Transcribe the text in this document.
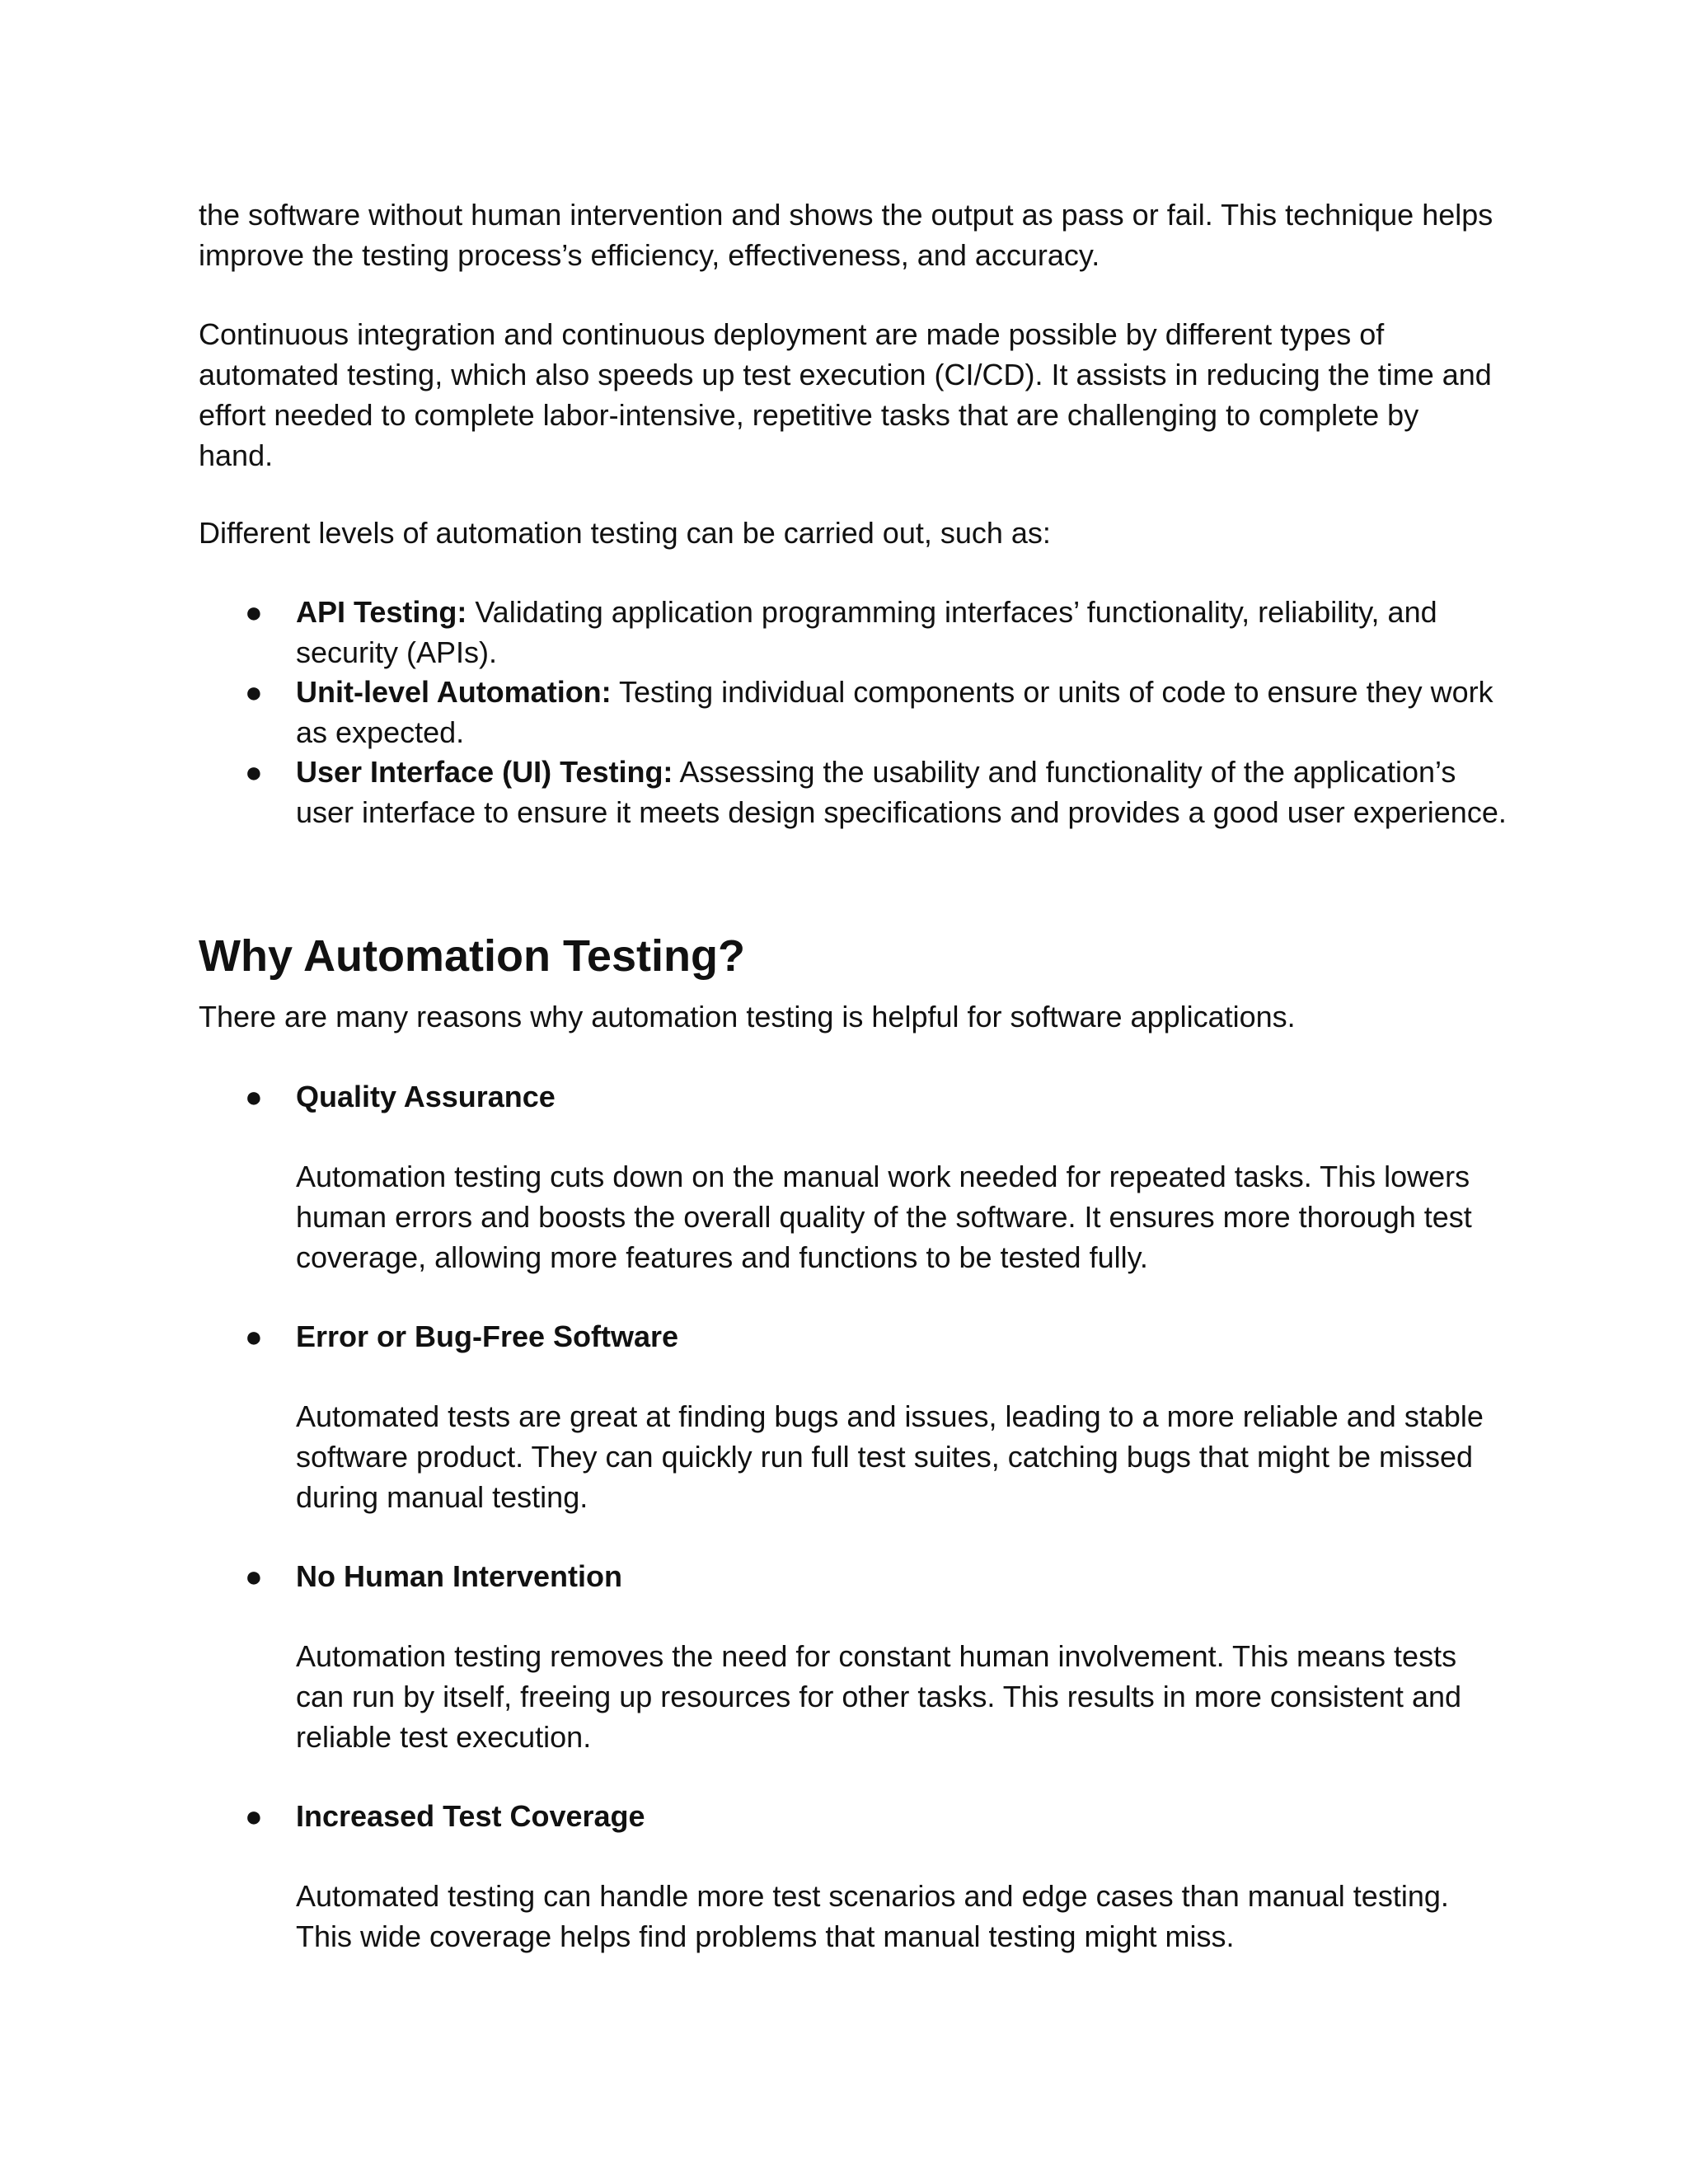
the software without human intervention and shows the output as pass or fail. This technique helps improve the testing process’s efficiency, effectiveness, and accuracy.

Continuous integration and continuous deployment are made possible by different types of automated testing, which also speeds up test execution (CI/CD). It assists in reducing the time and effort needed to complete labor-intensive, repetitive tasks that are challenging to complete by hand.

Different levels of automation testing can be carried out, such as:

● API Testing: Validating application programming interfaces’ functionality, reliability, and security (APIs).
● Unit-level Automation: Testing individual components or units of code to ensure they work as expected.
● User Interface (UI) Testing: Assessing the usability and functionality of the application’s user interface to ensure it meets design specifications and provides a good user experience.
Why Automation Testing?

There are many reasons why automation testing is helpful for software applications.

● Quality Assurance

Automation testing cuts down on the manual work needed for repeated tasks. This lowers human errors and boosts the overall quality of the software. It ensures more thorough test coverage, allowing more features and functions to be tested fully.

● Error or Bug-Free Software

Automated tests are great at finding bugs and issues, leading to a more reliable and stable software product. They can quickly run full test suites, catching bugs that might be missed during manual testing.

● No Human Intervention

Automation testing removes the need for constant human involvement. This means tests can run by itself, freeing up resources for other tasks. This results in more consistent and reliable test execution.

● Increased Test Coverage

Automated testing can handle more test scenarios and edge cases than manual testing. This wide coverage helps find problems that manual testing might miss.
